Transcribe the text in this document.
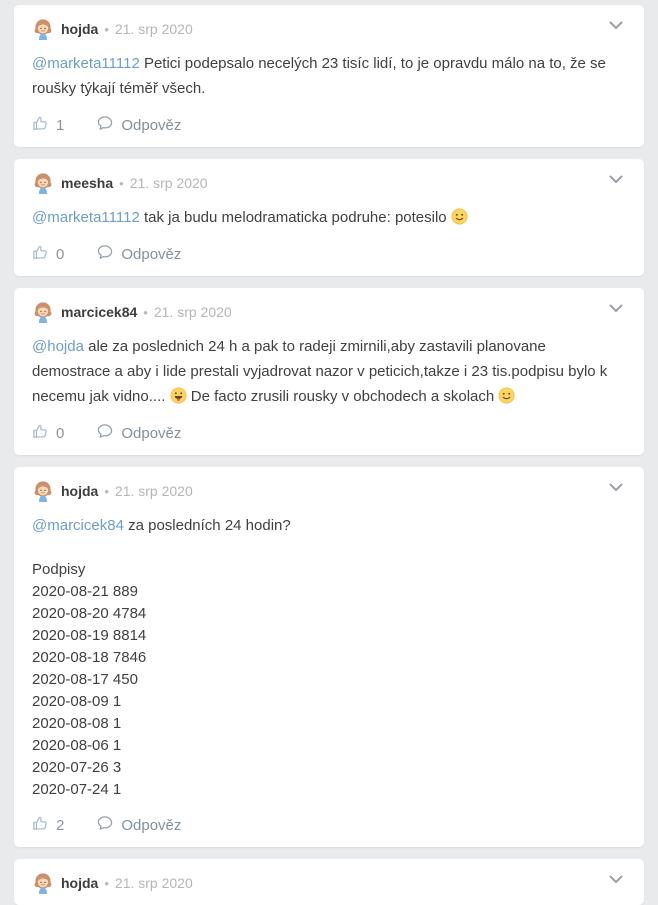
hojda • 21. srp 2020

@marketa11112 Petici podepsalo necelých 23 tisíc lidí, to je opravdu málo na to, že se roušky týkají téměř všech.

1	Odpověz
meesha • 21. srp 2020

@marketa11112 tak ja budu melodramaticka podruhe: potesilo

0	Odpověz
marcicek84 • 21. srp 2020

@hojda ale za poslednich 24 h a pak to radeji zmirnili,aby zastavili planovane demostrace a aby i lide prestali vyjadrovat nazor v peticich,takze i 23 tis.podpisu bylo k necemu jak vidno....  De facto zrusili rousky v obchodech a skolach

0	Odpověz
hojda • 21. srp 2020

@marcicek84 za posledních 24 hodin?

Podpisy
2020-08-21 889
2020-08-20 4784
2020-08-19 8814
2020-08-18 7846
2020-08-17 450
2020-08-09 1
2020-08-08 1
2020-08-06 1
2020-07-26 3
2020-07-24 1

2	Odpověz
hojda • 21. srp 2020
